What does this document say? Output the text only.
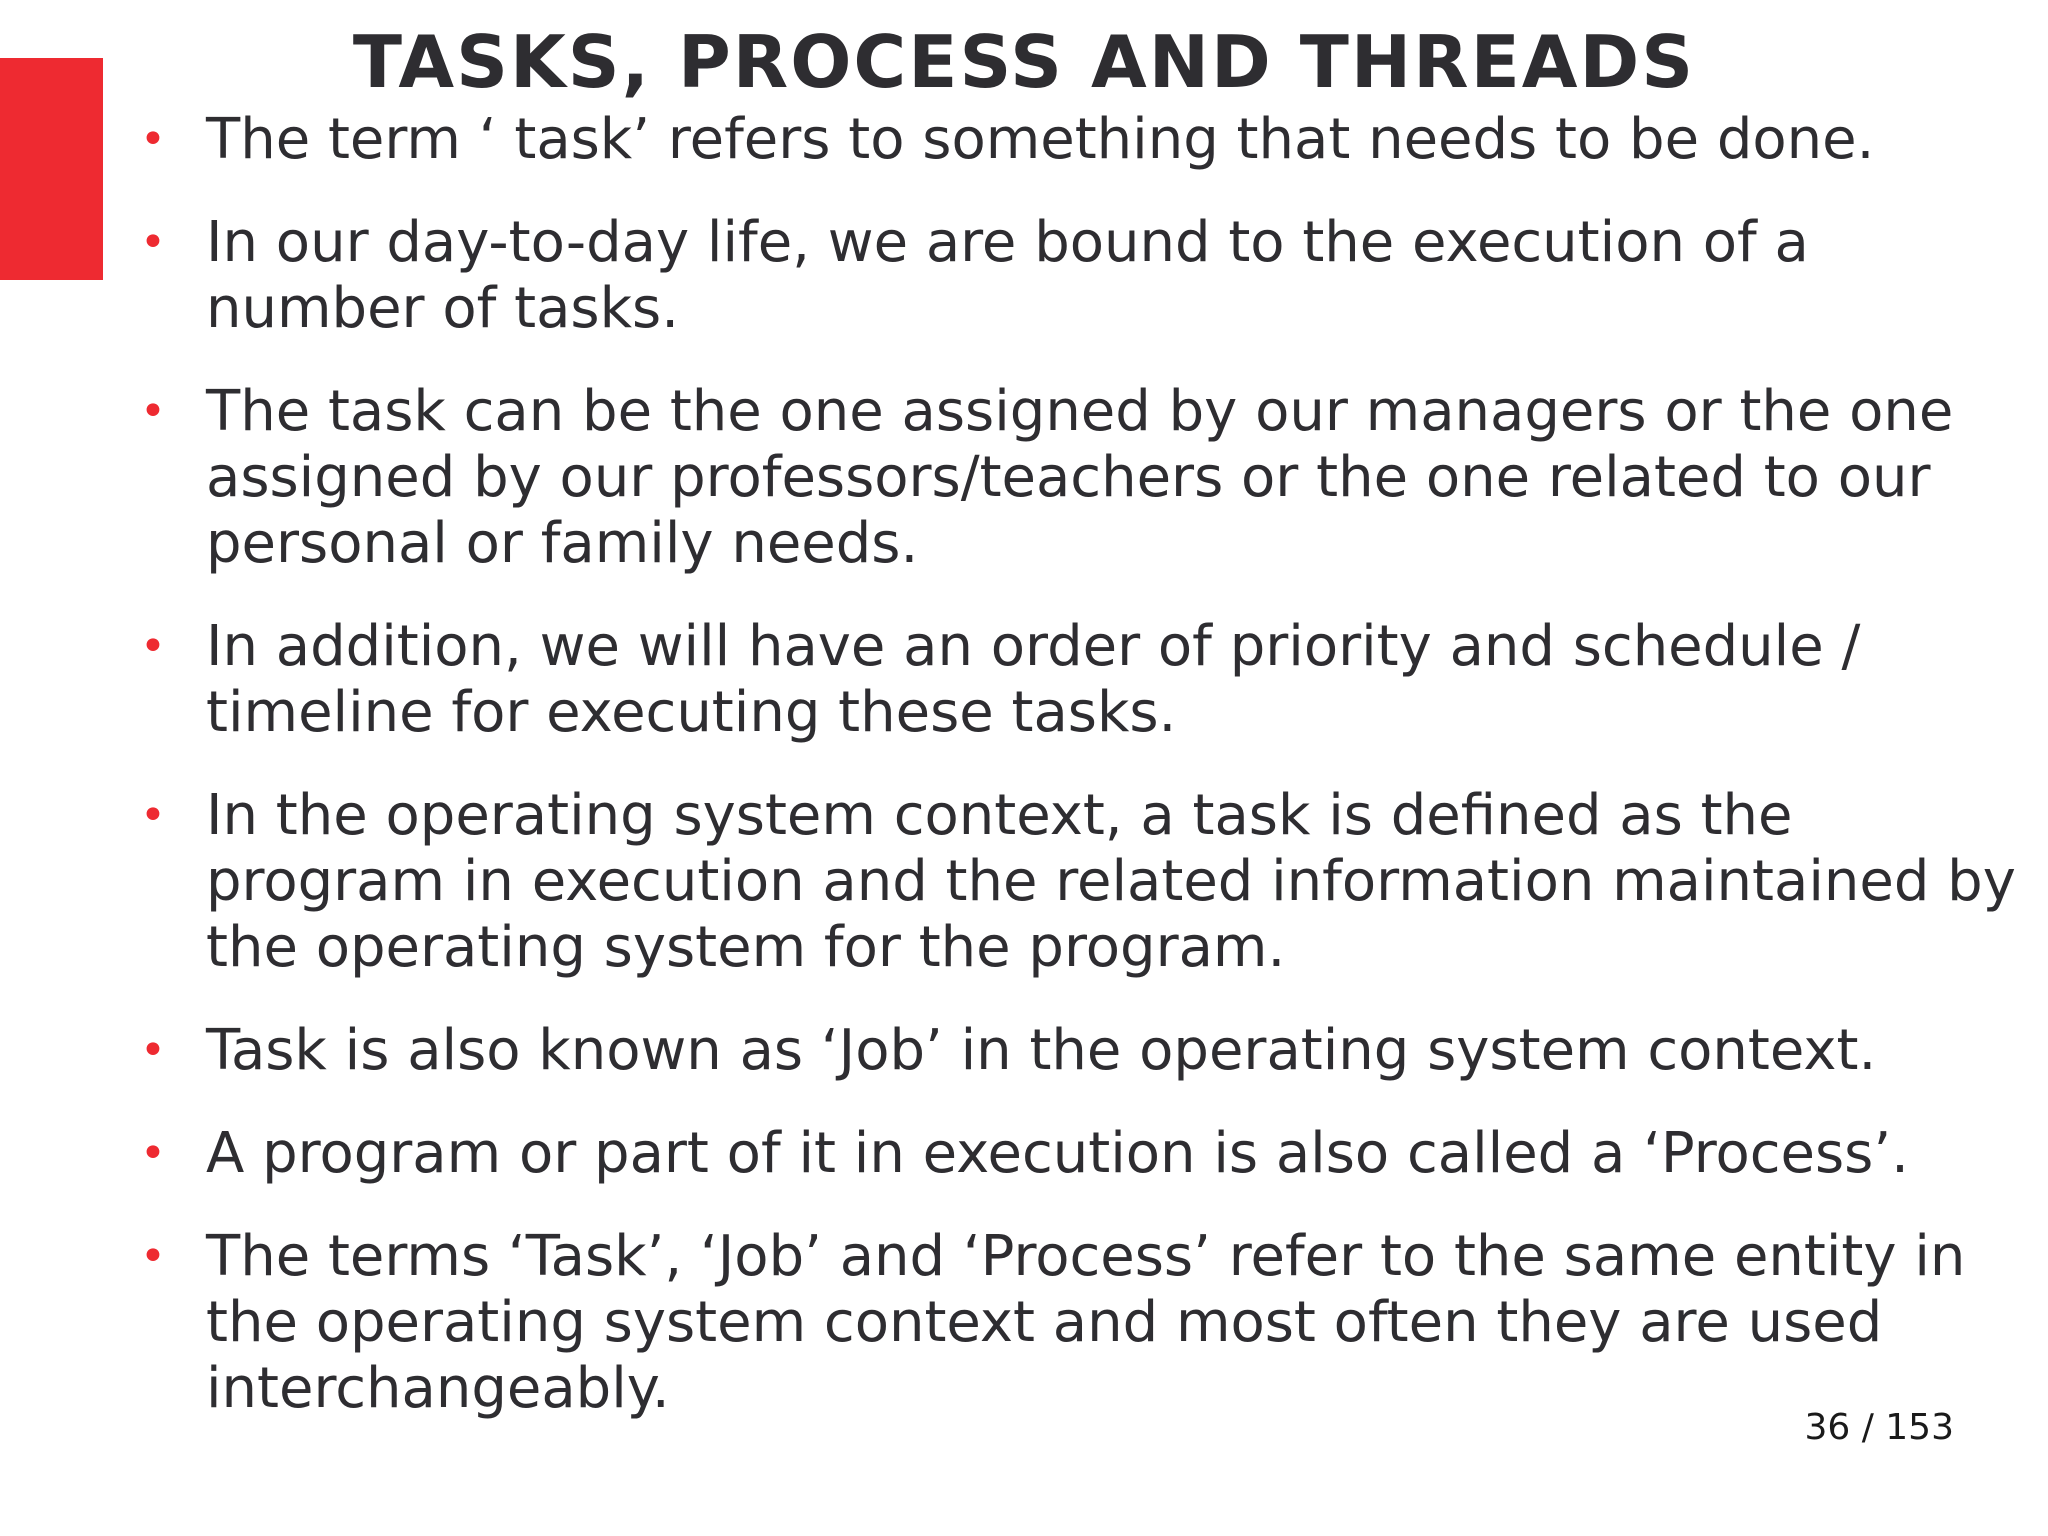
TASKS, PROCESS AND THREADS
• The term ‘ task’ refers to something that needs to be done.
• In our day-to-day life, we are bound to the execution of a
number of tasks.
• The task can be the one assigned by our managers or the one
assigned by our professors/teachers or the one related to our
personal or family needs.
• In addition, we will have an order of priority and schedule /
timeline for executing these tasks.
• In the operating system context, a task is defined as the
program in execution and the related information maintained by
the operating system for the program.
• Task is also known as ‘Job’ in the operating system context.
• A program or part of it in execution is also called a ‘Process’.
• The terms ‘Task’, ‘Job’ and ‘Process’ refer to the same entity in
the operating system context and most often they are used
interchangeably.
36 / 153
